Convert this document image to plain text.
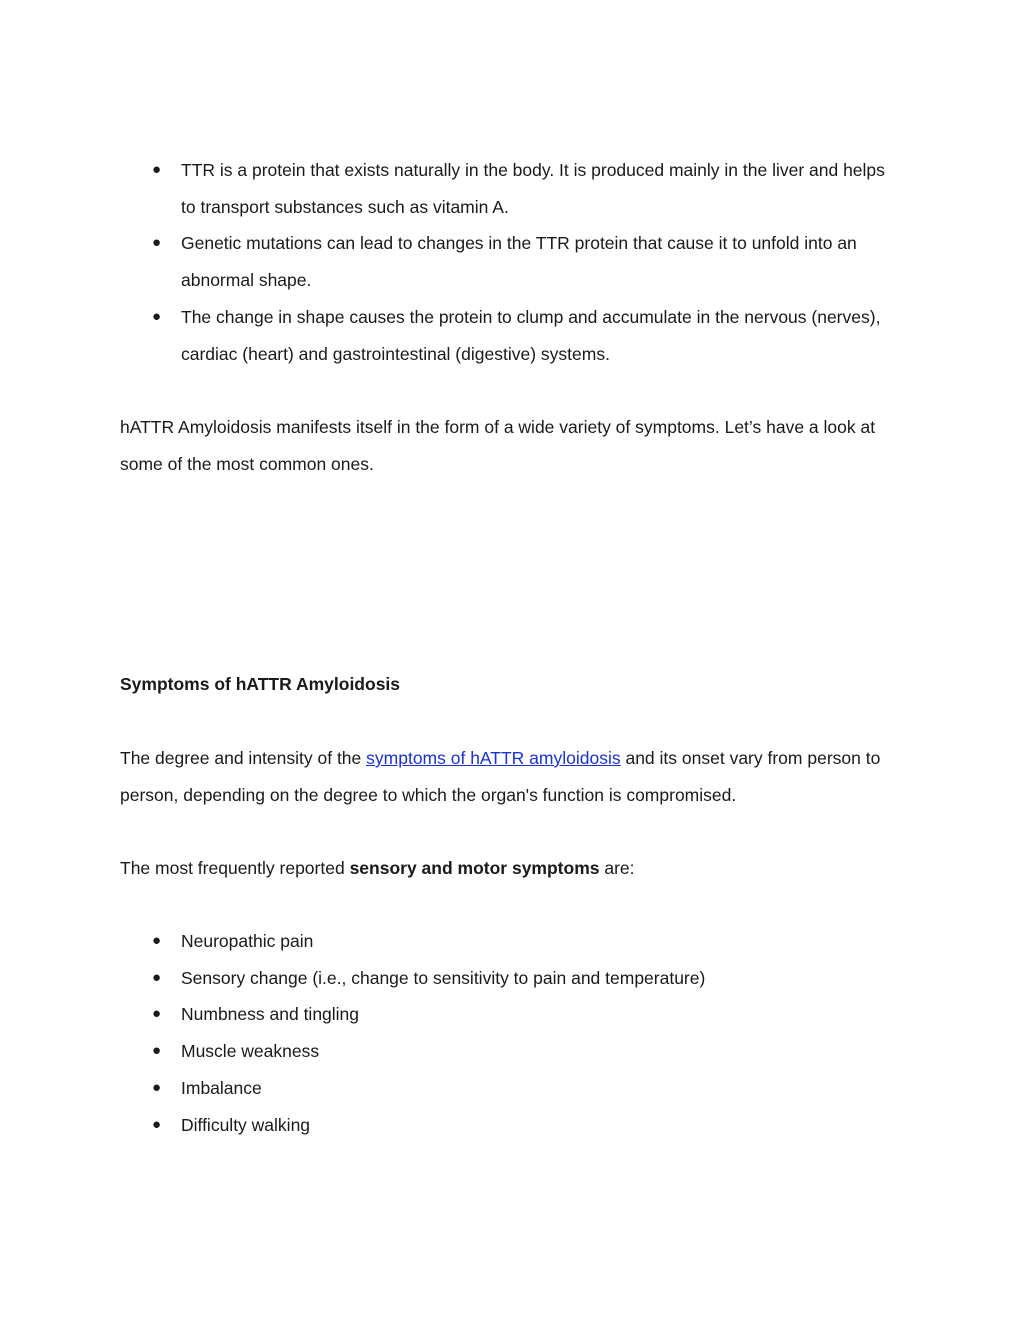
● TTR is a protein that exists naturally in the body. It is produced mainly in the liver and helps to transport substances such as vitamin A.
● Genetic mutations can lead to changes in the TTR protein that cause it to unfold into an abnormal shape.
● The change in shape causes the protein to clump and accumulate in the nervous (nerves), cardiac (heart) and gastrointestinal (digestive) systems.

hATTR Amyloidosis manifests itself in the form of a wide variety of symptoms. Let’s have a look at some of the most common ones.

Symptoms of hATTR Amyloidosis

The degree and intensity of the symptoms of hATTR amyloidosis and its onset vary from person to person, depending on the degree to which the organ's function is compromised.

The most frequently reported sensory and motor symptoms are:

● Neuropathic pain
● Sensory change (i.e., change to sensitivity to pain and temperature)
● Numbness and tingling
● Muscle weakness
● Imbalance
● Difficulty walking
